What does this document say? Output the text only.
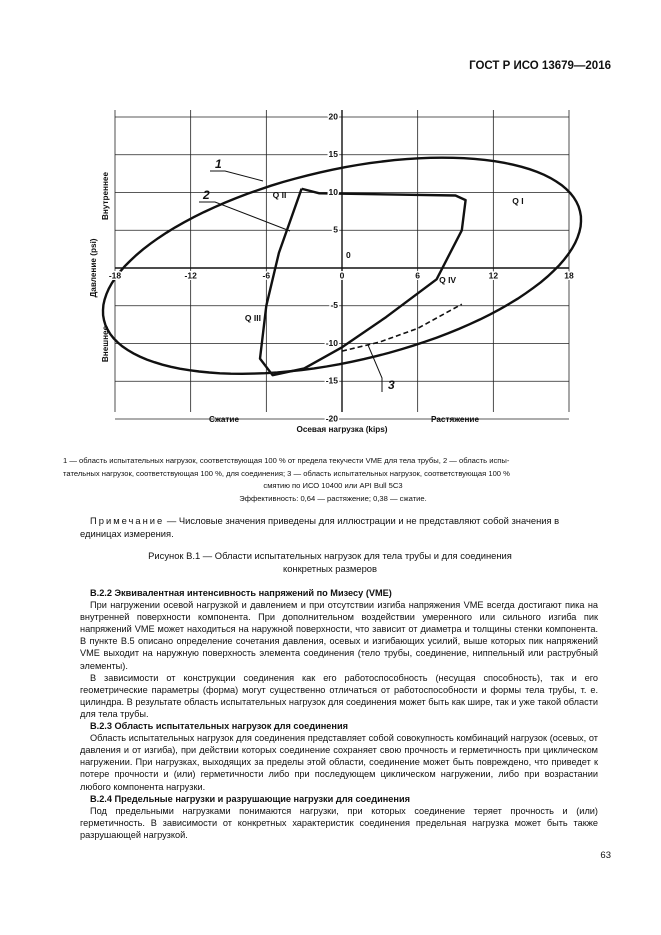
ГОСТ Р ИСО 13679—2016
-18	-12	-6	0	6	12	18
20
15
10
5
-5
-10
-15
-20
0
Осевая нагрузка (kips)
Сжатие	Растяжение
Давление (psi)
Внутреннее
Внешнее
Q I
Q II
Q III
Q IV
1
2
3
1 — область испытательных нагрузок, соответствующая 100 % от предела текучести VME для тела трубы, 2 — область испы-
тательных нагрузок, соответствующая 100 %, для соединения; 3 — область испытательных нагрузок, соответствующая 100 %

смятию по ИСО 10400 или API Bull 5C3
Эффективность: 0,64 — растяжение; 0,38 — сжатие.
Примечание — Числовые значения приведены для иллюстрации и не представляют собой значения в единицах измерения.
Рисунок В.1 — Области испытательных нагрузок для тела трубы и для соединения
конкретных размеров
В.2.2 Эквивалентная интенсивность напряжений по Мизесу (VME)

При нагружении осевой нагрузкой и давлением и при отсутствии изгиба напряжения VME всегда достигают пика на внутренней поверхности компонента. При дополнительном воздействии умеренного или сильного изгиба пик напряжений VME может находиться на наружной поверхности, что зависит от диаметра и толщины стенки компонента. В пункте В.5 описано определение сочетания давления, осевых и изгибающих усилий, выше которых пик напряжений VME выходит на наружную поверхность элемента соединения (тело трубы, соединение, ниппельный или раструбный элементы).

В зависимости от конструкции соединения как его работоспособность (несущая способность), так и его геометрические параметры (форма) могут существенно отличаться от работоспособности и формы тела трубы, т. е. цилиндра. В результате область испытательных нагрузок для соединения может быть как шире, так и уже такой области для тела трубы.

В.2.3 Область испытательных нагрузок для соединения

Область испытательных нагрузок для соединения представляет собой совокупность комбинаций нагрузок (осевых, от давления и от изгиба), при действии которых соединение сохраняет свою прочность и герметичность при циклическом нагружении. При нагрузках, выходящих за пределы этой области, соединение может быть повреждено, что приведет к потере прочности и (или) герметичности либо при последующем циклическом нагружении, либо при возрастании любого компонента нагрузки.

В.2.4 Предельные нагрузки и разрушающие нагрузки для соединения

Под предельными нагрузками понимаются нагрузки, при которых соединение теряет прочность и (или) герметичность. В зависимости от конкретных характеристик соединения предельная нагрузка может быть также разрушающей нагрузкой.

63
